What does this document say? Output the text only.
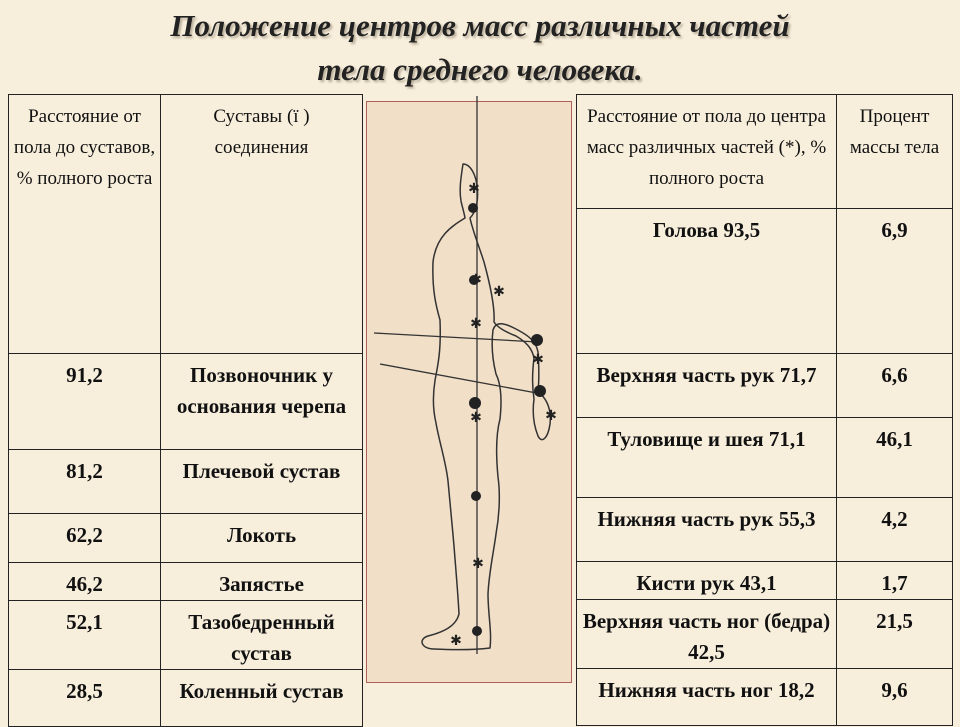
Положение центров масс различных частей
тела среднего человека.
Расстояние от пола до суставов, % полного роста	Суставы (ї ) соединения
91,2	Позвоночник у основания черепа
81,2	Плечевой сустав
62,2	Локоть
46,2	Запястье
52,1	Тазобедренный сустав
28,5	Коленный сустав
✱
✱
✱
✱
✱
✱
✱
✱
✱
Расстояние от пола до центра масс различных частей (*), % полного роста	Процент массы тела
Голова 93,5	6,9
Верхняя часть рук 71,7	6,6
Туловище и шея 71,1	46,1
Нижняя часть рук 55,3	4,2
Кисти рук 43,1	1,7
Верхняя часть ног (бедра) 42,5	21,5
Нижняя часть ног 18,2	9,6
